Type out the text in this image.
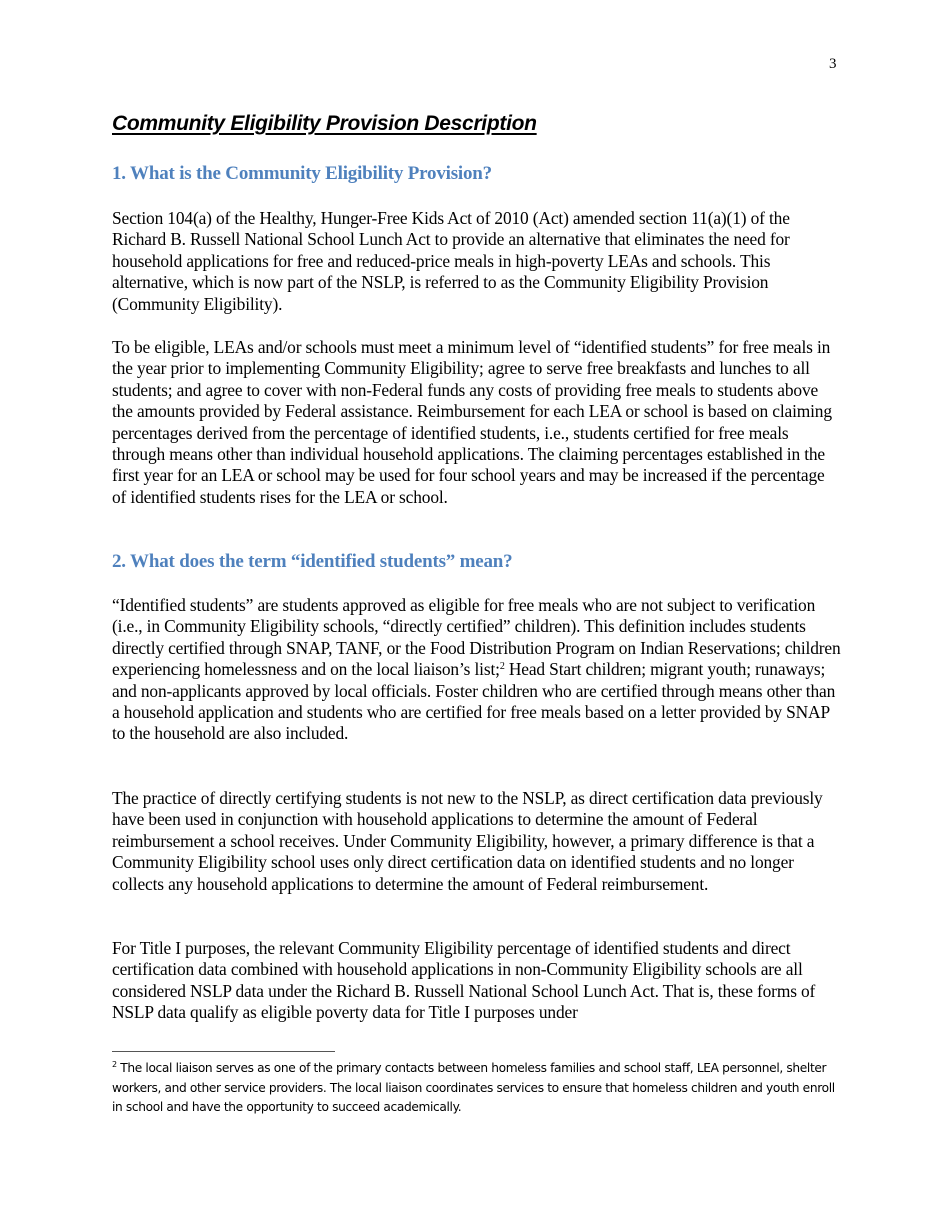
3
Community Eligibility Provision Description
1. What is the Community Eligibility Provision?

Section 104(a) of the Healthy, Hunger-Free Kids Act of 2010 (Act) amended section 11(a)(1) of the Richard B. Russell National School Lunch Act to provide an alternative that eliminates the need for household applications for free and reduced-price meals in high-poverty LEAs and schools. This alternative, which is now part of the NSLP, is referred to as the Community Eligibility Provision (Community Eligibility).

To be eligible, LEAs and/or schools must meet a minimum level of “identified students” for free meals in the year prior to implementing Community Eligibility; agree to serve free breakfasts and lunches to all students; and agree to cover with non-Federal funds any costs of providing free meals to students above the amounts provided by Federal assistance. Reimbursement for each LEA or school is based on claiming percentages derived from the percentage of identified students, i.e., students certified for free meals through means other than individual household applications. The claiming percentages established in the first year for an LEA or school may be used for four school years and may be increased if the percentage of identified students rises for the LEA or school.

2. What does the term “identified students” mean?

“Identified students” are students approved as eligible for free meals who are not subject to verification (i.e., in Community Eligibility schools, “directly certified” children). This definition includes students directly certified through SNAP, TANF, or the Food Distribution Program on Indian Reservations; children experiencing homelessness and on the local liaison’s list;$^2$ Head Start children; migrant youth; runaways; and non-applicants approved by local officials. Foster children who are certified through means other than a household application and students who are certified for free meals based on a letter provided by SNAP to the household are also included.

The practice of directly certifying students is not new to the NSLP, as direct certification data previously have been used in conjunction with household applications to determine the amount of Federal reimbursement a school receives. Under Community Eligibility, however, a primary difference is that a Community Eligibility school uses only direct certification data on identified students and no longer collects any household applications to determine the amount of Federal reimbursement.

For Title I purposes, the relevant Community Eligibility percentage of identified students and direct certification data combined with household applications in non-Community Eligibility schools are all considered NSLP data under the Richard B. Russell National School Lunch Act. That is, these forms of NSLP data qualify as eligible poverty data for Title I purposes under

$^2$ The local liaison serves as one of the primary contacts between homeless families and school staff, LEA personnel, shelter workers, and other service providers. The local liaison coordinates services to ensure that homeless children and youth enroll in school and have the opportunity to succeed academically.
